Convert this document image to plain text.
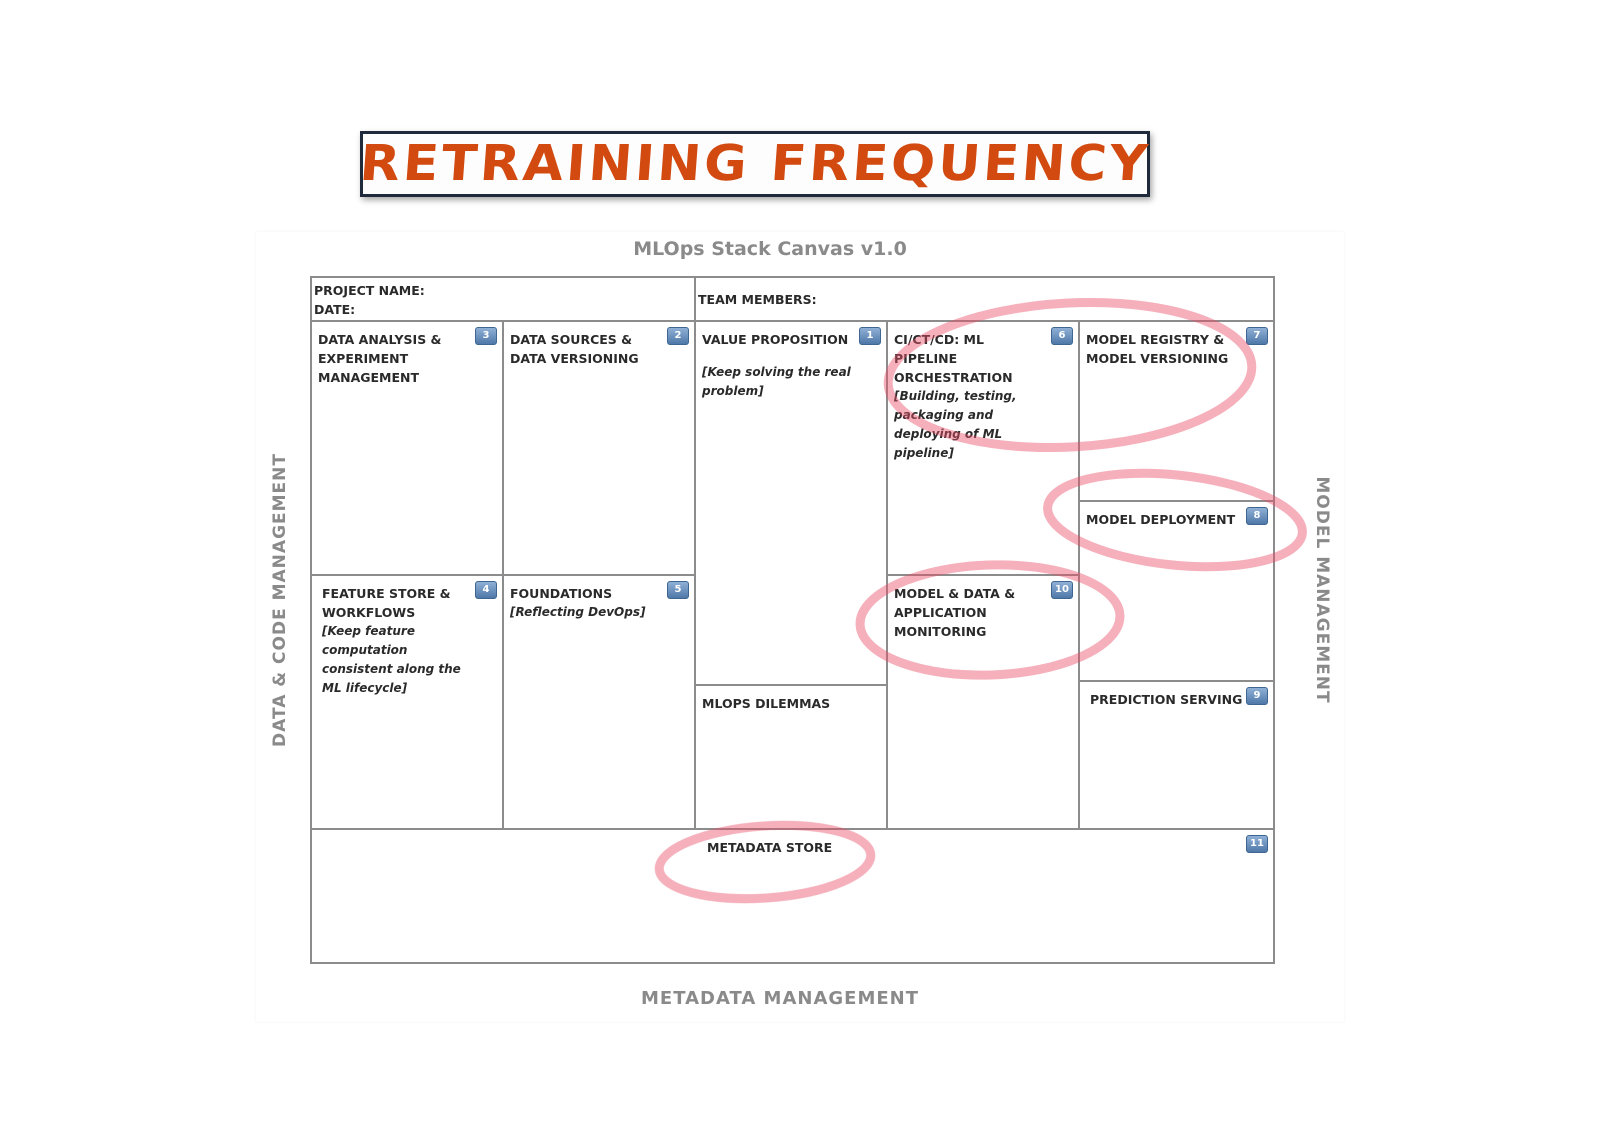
RETRAINING FREQUENCY
MLOps Stack Canvas v1.0
DATA & CODE MANAGEMENT	MODEL MANAGEMENT
METADATA MANAGEMENT
PROJECT NAME:
DATE:
TEAM MEMBERS:
DATA ANALYSIS & EXPERIMENT MANAGEMENT
3
FEATURE STORE & WORKFLOWS
[Keep feature computation consistent along the ML lifecycle]
4
DATA SOURCES & DATA VERSIONING
2
FOUNDATIONS
[Reflecting DevOps]
5
VALUE PROPOSITION
[Keep solving the real problem]
1
MLOPS DILEMMAS
CI/CT/CD: ML PIPELINE ORCHESTRATION
[Building, testing, packaging and deploying of ML pipeline]
6
MODEL & DATA & APPLICATION MONITORING
10
MODEL REGISTRY & MODEL VERSIONING
7
MODEL DEPLOYMENT	8
PREDICTION SERVING	9
METADATA STORE	11
